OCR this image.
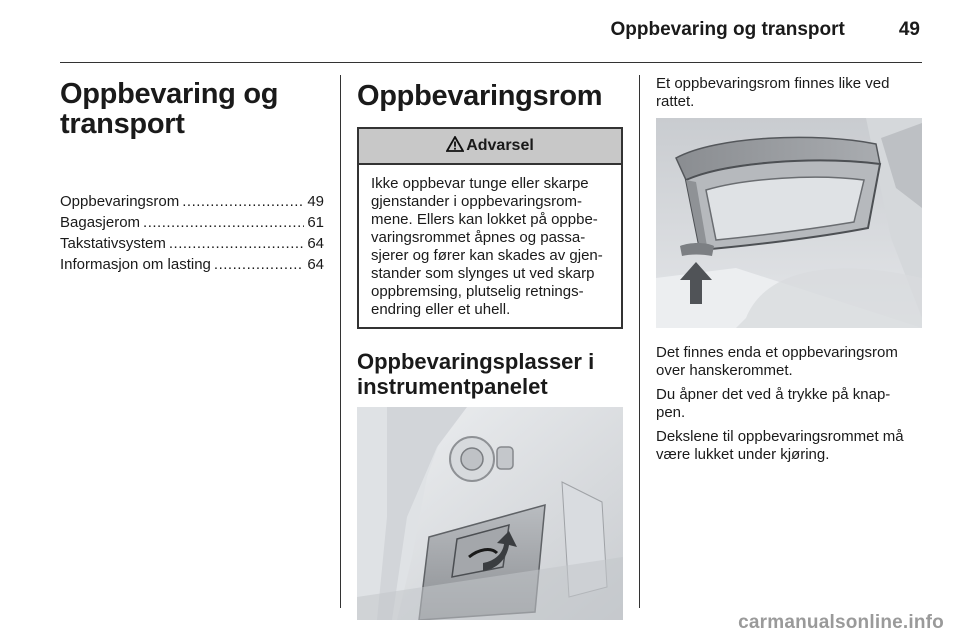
Oppbevaring og transport	49
Oppbevaring og
transport
Oppbevaringsrom .....	49
Bagasjerom .....	61
Takstativsystem .....	64
Informasjon om lasting .....	64
Oppbevaringsrom
Advarsel
Ikke oppbevar tunge eller skarpe
gjenstander i oppbevaringsrom-
mene. Ellers kan lokket på oppbe-
varingsrommet åpnes og passa-
sjerer og fører kan skades av gjen-
stander som slynges ut ved skarp
oppbremsing, plutselig retnings-
endring eller et uhell.
Oppbevaringsplasser i
instrumentpanelet
Et oppbevaringsrom finnes like ved
rattet.
Det finnes enda et oppbevaringsrom
over hanskerommet.
Du åpner det ved å trykke på knap-
pen.
Dekslene til oppbevaringsrommet må
være lukket under kjøring.
carmanualsonline.info
